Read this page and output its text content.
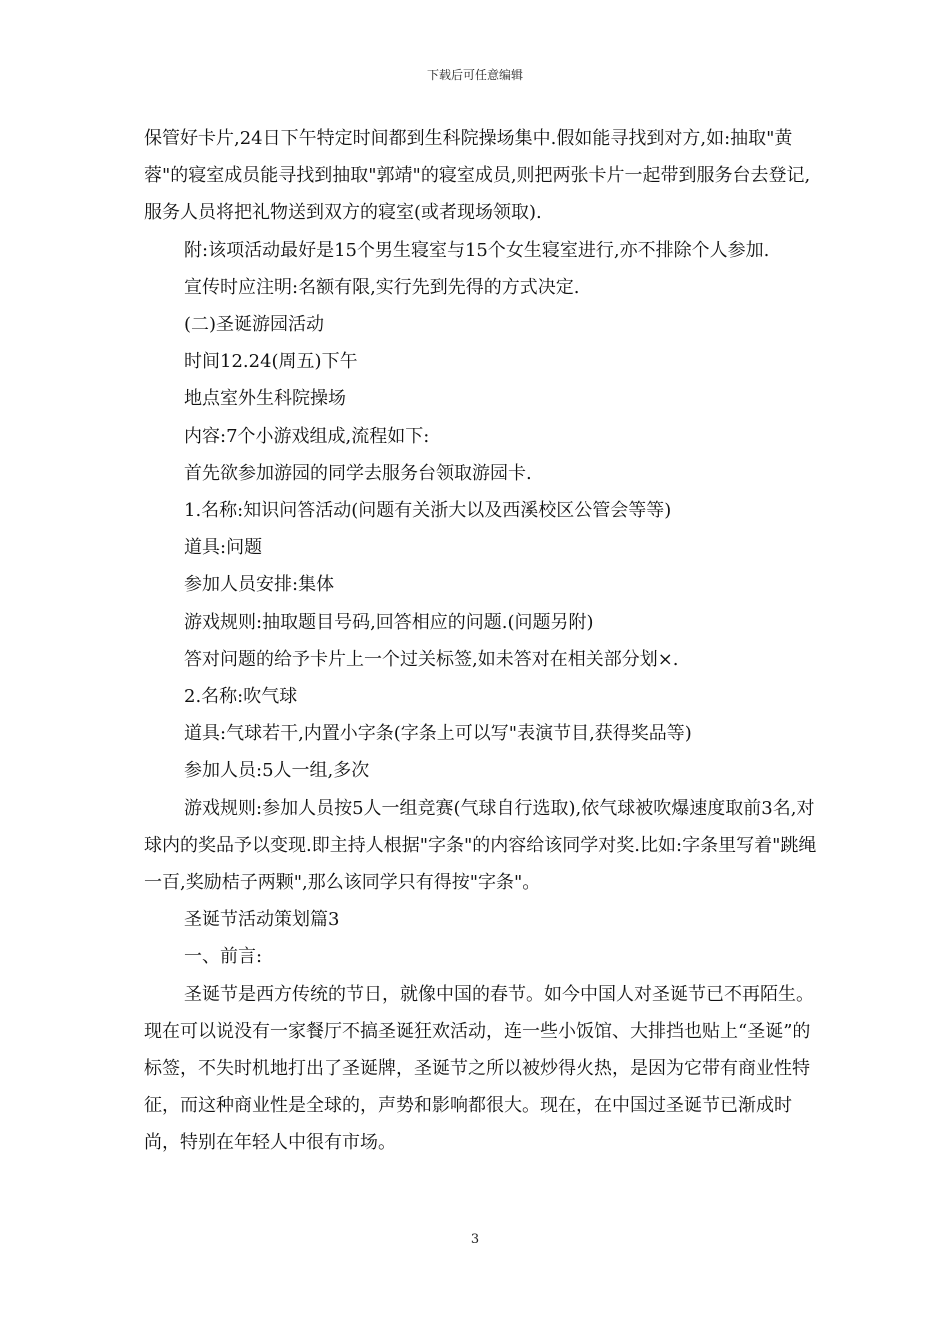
下载后可任意编辑

保管好卡片,24日下午特定时间都到生科院操场集中.假如能寻找到对方,如:抽取"黄蓉"的寝室成员能寻找到抽取"郭靖"的寝室成员,则把两张卡片一起带到服务台去登记,服务人员将把礼物送到双方的寝室(或者现场领取).

附:该项活动最好是15个男生寝室与15个女生寝室进行,亦不排除个人参加.

宣传时应注明:名额有限,实行先到先得的方式决定.

(二)圣诞游园活动

时间12.24(周五)下午

地点室外生科院操场

内容:7个小游戏组成,流程如下:

首先欲参加游园的同学去服务台领取游园卡.

1.名称:知识问答活动(问题有关浙大以及西溪校区公管会等等)

道具:问题

参加人员安排:集体

游戏规则:抽取题目号码,回答相应的问题.(问题另附)

答对问题的给予卡片上一个过关标签,如未答对在相关部分划×.

2.名称:吹气球

道具:气球若干,内置小字条(字条上可以写"表演节目,获得奖品等)

参加人员:5人一组,多次

游戏规则:参加人员按5人一组竞赛(气球自行选取),依气球被吹爆速度取前3名,对球内的奖品予以变现.即主持人根据"字条"的内容给该同学对奖.比如:字条里写着"跳绳一百,奖励桔子两颗",那么该同学只有得按"字条"。

圣诞节活动策划篇3

一、前言:

圣诞节是西方传统的节日，就像中国的春节。如今中国人对圣诞节已不再陌生。现在可以说没有一家餐厅不搞圣诞狂欢活动，连一些小饭馆、大排挡也贴上“圣诞”的标签，不失时机地打出了圣诞牌，圣诞节之所以被炒得火热，是因为它带有商业性特征，而这种商业性是全球的，声势和影响都很大。现在，在中国过圣诞节已渐成时尚，特别在年轻人中很有市场。

3
